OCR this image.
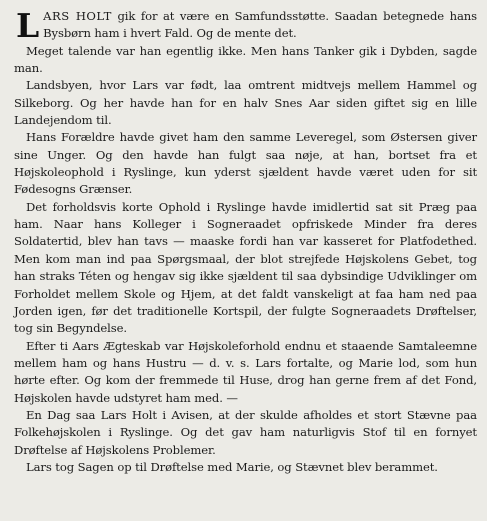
LARS HOLT gik for at være en Samfundsstøtte. Saadan betegnede hans Bysbørn ham i hvert Fald. Og de mente det.

Meget talende var han egentlig ikke. Men hans Tanker gik i Dybden, sagde man.

Landsbyen, hvor Lars var født, laa omtrent midtvejs mellem Hammel og Silkeborg. Og her havde han for en halv Snes Aar siden giftet sig en lille Landejendom til.

Hans Forældre havde givet ham den samme Leveregel, som Østersen giver sine Unger. Og den havde han fulgt saa nøje, at han, bortset fra et Højskoleophold i Ryslinge, kun yderst sjældent havde været uden for sit Fødesogns Grænser.

Det forholdsvis korte Ophold i Ryslinge havde imidlertid sat sit Præg paa ham. Naar hans Kolleger i Sogneraadet opfriskede Minder fra deres Soldatertid, blev han tavs — maaske fordi han var kasseret for Platfodethed. Men kom man ind paa Spørgsmaal, der blot strejfede Højskolens Gebet, tog han straks Téten og hengav sig ikke sjældent til saa dybsindige Udviklinger om Forholdet mellem Skole og Hjem, at det faldt vanskeligt at faa ham ned paa Jorden igen, før det traditionelle Kortspil, der fulgte Sogneraadets Drøftelser, tog sin Begyndelse.

Efter ti Aars Ægteskab var Højskoleforhold endnu et staaende Samtaleemne mellem ham og hans Hustru — d. v. s. Lars fortalte, og Marie lod, som hun hørte efter. Og kom der fremmede til Huse, drog han gerne frem af det Fond, Højskolen havde udstyret ham med. —

En Dag saa Lars Holt i Avisen, at der skulde afholdes et stort Stævne paa Folkehøjskolen i Ryslinge. Og det gav ham naturligvis Stof til en fornyet Drøftelse af Højskolens Problemer.

Lars tog Sagen op til Drøftelse med Marie, og Stævnet blev berammet.
